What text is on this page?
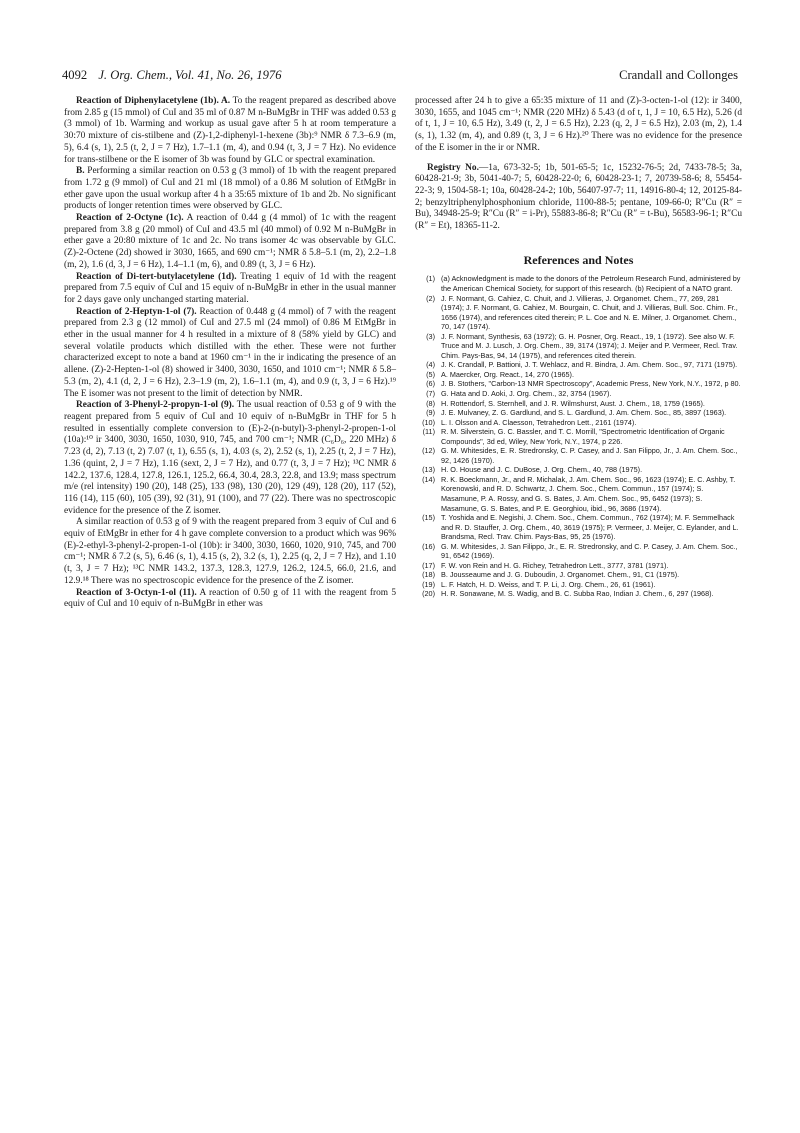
4092 J. Org. Chem., Vol. 41, No. 26, 1976	Crandall and Collonges

Reaction of Diphenylacetylene (1b). A. To the reagent prepared as described above from 2.85 g (15 mmol) of CuI and 35 ml of 0.87 M n-BuMgBr in THF was added 0.53 g (3 mmol) of 1b. Warming and workup as usual gave after 5 h at room temperature a 30:70 mixture of cis-stilbene and (Z)-1,2-diphenyl-1-hexene (3b):⁹ NMR δ 7.3–6.9 (m, 5), 6.4 (s, 1), 2.5 (t, 2, J = 7 Hz), 1.7–1.1 (m, 4), and 0.94 (t, 3, J = 7 Hz). No evidence for trans-stilbene or the E isomer of 3b was found by GLC or spectral examination.

B. Performing a similar reaction on 0.53 g (3 mmol) of 1b with the reagent prepared from 1.72 g (9 mmol) of CuI and 21 ml (18 mmol) of a 0.86 M solution of EtMgBr in ether gave upon the usual workup after 4 h a 35:65 mixture of 1b and 2b. No significant products of longer retention times were observed by GLC.

Reaction of 2-Octyne (1c). A reaction of 0.44 g (4 mmol) of 1c with the reagent prepared from 3.8 g (20 mmol) of CuI and 43.5 ml (40 mmol) of 0.92 M n-BuMgBr in ether gave a 20:80 mixture of 1c and 2c. No trans isomer 4c was observable by GLC. (Z)-2-Octene (2d) showed ir 3030, 1665, and 690 cm⁻¹; NMR δ 5.8–5.1 (m, 2), 2.2–1.8 (m, 2), 1.6 (d, 3, J = 6 Hz), 1.4–1.1 (m, 6), and 0.89 (t, 3, J = 6 Hz).

Reaction of Di-tert-butylacetylene (1d). Treating 1 equiv of 1d with the reagent prepared from 7.5 equiv of CuI and 15 equiv of n-BuMgBr in ether in the usual manner for 2 days gave only unchanged starting material.

Reaction of 2-Heptyn-1-ol (7). Reaction of 0.448 g (4 mmol) of 7 with the reagent prepared from 2.3 g (12 mmol) of CuI and 27.5 ml (24 mmol) of 0.86 M EtMgBr in ether in the usual manner for 4 h resulted in a mixture of 8 (58% yield by GLC) and several volatile products which distilled with the ether. These were not further characterized except to note a band at 1960 cm⁻¹ in the ir indicating the presence of an allene. (Z)-2-Hepten-1-ol (8) showed ir 3400, 3030, 1650, and 1010 cm⁻¹; NMR δ 5.8–5.3 (m, 2), 4.1 (d, 2, J = 6 Hz), 2.3–1.9 (m, 2), 1.6–1.1 (m, 4), and 0.9 (t, 3, J = 6 Hz).¹⁹ The E isomer was not present to the limit of detection by NMR.

Reaction of 3-Phenyl-2-propyn-1-ol (9). The usual reaction of 0.53 g of 9 with the reagent prepared from 5 equiv of CuI and 10 equiv of n-BuMgBr in THF for 5 h resulted in essentially complete conversion to (E)-2-(n-butyl)-3-phenyl-2-propen-1-ol (10a):¹⁰ ir 3400, 3030, 1650, 1030, 910, 745, and 700 cm⁻¹; NMR (C₆D₆, 220 MHz) δ 7.23 (d, 2), 7.13 (t, 2) 7.07 (t, 1), 6.55 (s, 1), 4.03 (s, 2), 2.52 (s, 1), 2.25 (t, 2, J = 7 Hz), 1.36 (quint, 2, J = 7 Hz), 1.16 (sext, 2, J = 7 Hz), and 0.77 (t, 3, J = 7 Hz); ¹³C NMR δ 142.2, 137.6, 128.4, 127.8, 126.1, 125.2, 66.4, 30.4, 28.3, 22.8, and 13.9; mass spectrum m/e (rel intensity) 190 (20), 148 (25), 133 (98), 130 (20), 129 (49), 128 (20), 117 (52), 116 (14), 115 (60), 105 (39), 92 (31), 91 (100), and 77 (22). There was no spectroscopic evidence for the presence of the Z isomer.

A similar reaction of 0.53 g of 9 with the reagent prepared from 3 equiv of CuI and 6 equiv of EtMgBr in ether for 4 h gave complete conversion to a product which was 96% (E)-2-ethyl-3-phenyl-2-propen-1-ol (10b): ir 3400, 3030, 1660, 1020, 910, 745, and 700 cm⁻¹; NMR δ 7.2 (s, 5), 6.46 (s, 1), 4.15 (s, 2), 3.2 (s, 1), 2.25 (q, 2, J = 7 Hz), and 1.10 (t, 3, J = 7 Hz); ¹³C NMR 143.2, 137.3, 128.3, 127.9, 126.2, 124.5, 66.0, 21.6, and 12.9.¹⁸ There was no spectroscopic evidence for the presence of the Z isomer.

Reaction of 3-Octyn-1-ol (11). A reaction of 0.50 g of 11 with the reagent from 5 equiv of CuI and 10 equiv of n-BuMgBr in ether was

processed after 24 h to give a 65:35 mixture of 11 and (Z)-3-octen-1-ol (12): ir 3400, 3030, 1655, and 1045 cm⁻¹; NMR (220 MHz) δ 5.43 (d of t, 1, J = 10, 6.5 Hz), 5.26 (d of t, 1, J = 10, 6.5 Hz), 3.49 (t, 2, J = 6.5 Hz), 2.23 (q, 2, J = 6.5 Hz), 2.03 (m, 2), 1.4 (s, 1), 1.32 (m, 4), and 0.89 (t, 3, J = 6 Hz).²⁰ There was no evidence for the presence of the E isomer in the ir or NMR.

Registry No.—1a, 673-32-5; 1b, 501-65-5; 1c, 15232-76-5; 2d, 7433-78-5; 3a, 60428-21-9; 3b, 5041-40-7; 5, 60428-22-0; 6, 60428-23-1; 7, 20739-58-6; 8, 55454-22-3; 9, 1504-58-1; 10a, 60428-24-2; 10b, 56407-97-7; 11, 14916-80-4; 12, 20125-84-2; benzyltriphenylphosphonium chloride, 1100-88-5; pentane, 109-66-0; R″Cu (R″ = Bu), 34948-25-9; R″Cu (R″ = i-Pr), 55883-86-8; R″Cu (R″ = t-Bu), 56583-96-1; R″Cu (R″ = Et), 18365-11-2.

References and Notes
(1) (a) Acknowledgment is made to the donors of the Petroleum Research Fund, administered by the American Chemical Society, for support of this research. (b) Recipient of a NATO grant.
(2) J. F. Normant, G. Cahiez, C. Chuit, and J. Villieras, J. Organomet. Chem., 77, 269, 281 (1974); J. F. Normant, G. Cahiez, M. Bourgain, C. Chuit, and J. Villieras, Bull. Soc. Chim. Fr., 1656 (1974), and references cited therein; P. L. Coe and N. E. Milner, J. Organomet. Chem., 70, 147 (1974).
(3) J. F. Normant, Synthesis, 63 (1972); G. H. Posner, Org. React., 19, 1 (1972). See also W. F. Truce and M. J. Lusch, J. Org. Chem., 39, 3174 (1974); J. Meijer and P. Vermeer, Recl. Trav. Chim. Pays-Bas, 94, 14 (1975), and references cited therein.
(4) J. K. Crandall, P. Battioni, J. T. Wehlacz, and R. Bindra, J. Am. Chem. Soc., 97, 7171 (1975).
(5) A. Maercker, Org. React., 14, 270 (1965).
(6) J. B. Stothers, "Carbon-13 NMR Spectroscopy", Academic Press, New York, N.Y., 1972, p 80.
(7) G. Hata and D. Aoki, J. Org. Chem., 32, 3754 (1967).
(8) H. Rottendorf, S. Sternhell, and J. R. Wilmshurst, Aust. J. Chem., 18, 1759 (1965).
(9) J. E. Mulvaney, Z. G. Gardlund, and S. L. Gardlund, J. Am. Chem. Soc., 85, 3897 (1963).
(10) L. I. Olsson and A. Claesson, Tetrahedron Lett., 2161 (1974).
(11) R. M. Silverstein, G. C. Bassler, and T. C. Morrill, "Spectrometric Identification of Organic Compounds", 3d ed, Wiley, New York, N.Y., 1974, p 226.
(12) G. M. Whitesides, E. R. Stredronsky, C. P. Casey, and J. San Filippo, Jr., J. Am. Chem. Soc., 92, 1426 (1970).
(13) H. O. House and J. C. DuBose, J. Org. Chem., 40, 788 (1975).
(14) R. K. Boeckmann, Jr., and R. Michalak, J. Am. Chem. Soc., 96, 1623 (1974); E. C. Ashby, T. Korenowski, and R. D. Schwartz, J. Chem. Soc., Chem. Commun., 157 (1974); S. Masamune, P. A. Rossy, and G. S. Bates, J. Am. Chem. Soc., 95, 6452 (1973); S. Masamune, G. S. Bates, and P. E. Georghiou, ibid., 96, 3686 (1974).
(15) T. Yoshida and E. Negishi, J. Chem. Soc., Chem. Commun., 762 (1974); M. F. Semmelhack and R. D. Stauffer, J. Org. Chem., 40, 3619 (1975); P. Vermeer, J. Meijer, C. Eylander, and L. Brandsma, Recl. Trav. Chim. Pays-Bas, 95, 25 (1976).
(16) G. M. Whitesides, J. San Filippo, Jr., E. R. Stredronsky, and C. P. Casey, J. Am. Chem. Soc., 91, 6542 (1969).
(17) F. W. von Rein and H. G. Richey, Tetrahedron Lett., 3777, 3781 (1971).
(18) B. Jousseaume and J. G. Duboudin, J. Organomet. Chem., 91, C1 (1975).
(19) L. F. Hatch, H. D. Weiss, and T. P. Li, J. Org. Chem., 26, 61 (1961).
(20) H. R. Sonawane, M. S. Wadig, and B. C. Subba Rao, Indian J. Chem., 6, 297 (1968).
